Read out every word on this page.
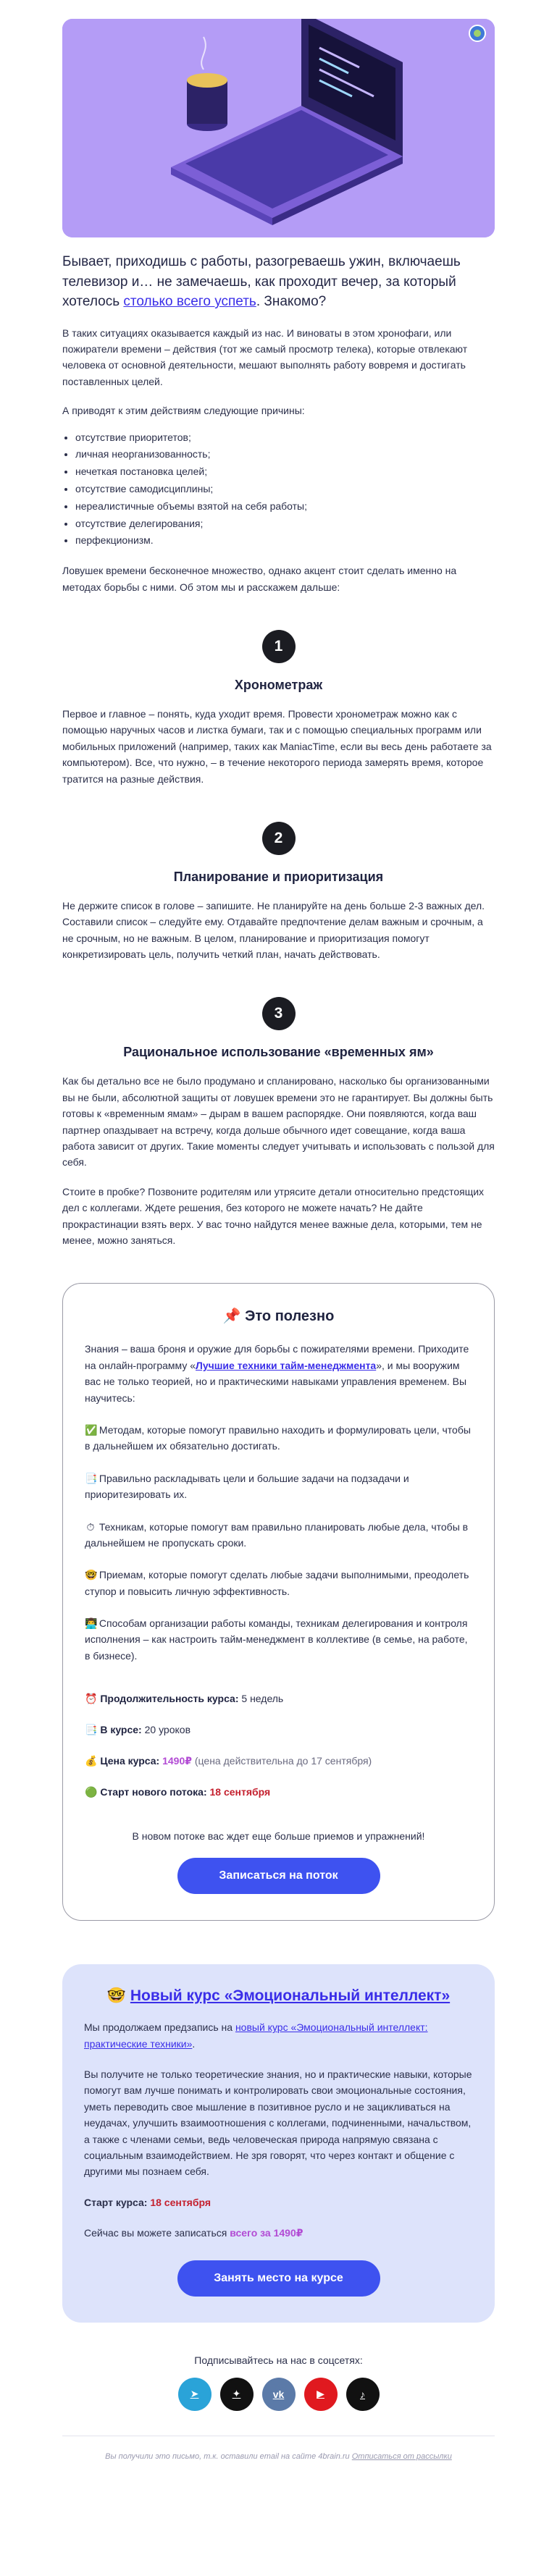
Бывает, приходишь с работы, разогреваешь ужин, включаешь телевизор и… не замечаешь, как проходит вечер, за который хотелось столько всего успеть. Знакомо?

В таких ситуациях оказывается каждый из нас. И виноваты в этом хронофаги, или пожиратели времени – действия (тот же самый просмотр телека), которые отвлекают человека от основной деятельности, мешают выполнять работу вовремя и достигать поставленных целей.

А приводят к этим действиям следующие причины:

• отсутствие приоритетов;
• личная неорганизованность;
• нечеткая постановка целей;
• отсутствие самодисциплины;
• нереалистичные объемы взятой на себя работы;
• отсутствие делегирования;
• перфекционизм.

Ловушек времени бесконечное множество, однако акцент стоит сделать именно на методах борьбы с ними. Об этом мы и расскажем дальше:

1
Хронометраж

Первое и главное – понять, куда уходит время. Провести хронометраж можно как с помощью наручных часов и листка бумаги, так и с помощью специальных программ или мобильных приложений (например, таких как ManiacTime, если вы весь день работаете за компьютером). Все, что нужно, – в течение некоторого периода замерять время, которое тратится на разные действия.

2
Планирование и приоритизация

Не держите список в голове – запишите. Не планируйте на день больше 2-3 важных дел. Составили список – следуйте ему. Отдавайте предпочтение делам важным и срочным, а не срочным, но не важным. В целом, планирование и приоритизация помогут конкретизировать цель, получить четкий план, начать действовать.

3
Рациональное использование «временных ям»

Как бы детально все не было продумано и спланировано, насколько бы организованными вы не были, абсолютной защиты от ловушек времени это не гарантирует. Вы должны быть готовы к «временным ямам» – дырам в вашем распорядке. Они появляются, когда ваш партнер опаздывает на встречу, когда дольше обычного идет совещание, когда ваша работа зависит от других. Такие моменты следует учитывать и использовать с пользой для себя.

Стоите в пробке? Позвоните родителям или утрясите детали относительно предстоящих дел с коллегами. Ждете решения, без которого не можете начать? Не дайте прокрастинации взять верх. У вас точно найдутся менее важные дела, которыми, тем не менее, можно заняться.

📌 Это полезно

Знания – ваша броня и оружие для борьбы с пожирателями времени. Приходите на онлайн-программу «Лучшие техники тайм-менеджмента», и мы вооружим вас не только теорией, но и практическими навыками управления временем. Вы научитесь:

✅ Методам, которые помогут правильно находить и формулировать цели, чтобы в дальнейшем их обязательно достигать.

📑 Правильно раскладывать цели и большие задачи на подзадачи и приоритезировать их.

⏱ Техникам, которые помогут вам правильно планировать любые дела, чтобы в дальнейшем не пропускать сроки.

🤓 Приемам, которые помогут сделать любые задачи выполнимыми, преодолеть ступор и повысить личную эффективность.

👨‍💻 Способам организации работы команды, техникам делегирования и контроля исполнения – как настроить тайм-менеджмент в коллективе (в семье, на работе, в бизнесе).

⏰ Продолжительность курса: 5 недель
📑 В курсе: 20 уроков
💰 Цена курса: 1490₽ (цена действительна до 17 сентября)
🟢 Старт нового потока: 18 сентября
В новом потоке вас ждет еще больше приемов и упражнений!
Записаться на поток
🤓 Новый курс «Эмоциональный интеллект»

Мы продолжаем предзапись на новый курс «Эмоциональный интеллект: практические техники».

Вы получите не только теоретические знания, но и практические навыки, которые помогут вам лучше понимать и контролировать свои эмоциональные состояния, уметь переводить свое мышление в позитивное русло и не зацикливаться на неудачах, улучшить взаимоотношения с коллегами, подчиненными, начальством, а также с членами семьи, ведь человеческая природа напрямую связана с социальным взаимодействием. Не зря говорят, что через контакт и общение с другими мы познаем себя.

Старт курса: 18 сентября

Сейчас вы можете записаться всего за 1490₽

Занять место на курсе
Подписывайтесь на нас в соцсетях:
➤	✦	vk	▶	♪
Вы получили это письмо, т.к. оставили email на сайте 4brain.ru Отписаться от рассылки
